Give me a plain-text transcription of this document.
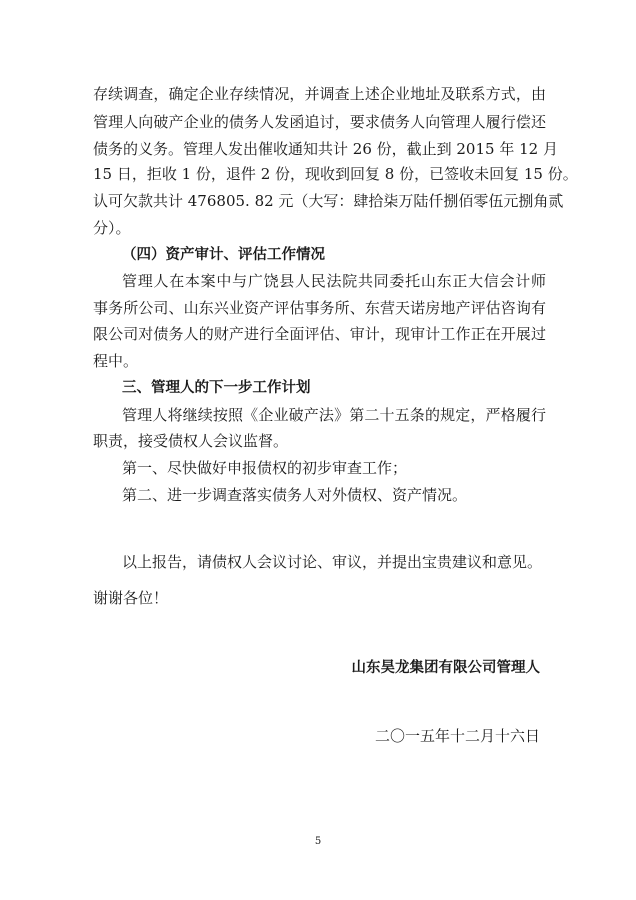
存续调查，确定企业存续情况，并调查上述企业地址及联系方式，由
管理人向破产企业的债务人发函追讨，要求债务人向管理人履行偿还
债务的义务。管理人发出催收通知共计 26 份，截止到 2015 年 12 月
15 日，拒收 1 份，退件 2 份，现收到回复 8 份，已签收未回复 15 份。
认可欠款共计 476805. 82 元（大写：肆拾柒万陆仟捌佰零伍元捌角贰
分）。
（四）资产审计、评估工作情况
管理人在本案中与广饶县人民法院共同委托山东正大信会计师
事务所公司、山东兴业资产评估事务所、东营天诺房地产评估咨询有
限公司对债务人的财产进行全面评估、审计，现审计工作正在开展过
程中。
三、管理人的下一步工作计划
管理人将继续按照《企业破产法》第二十五条的规定，严格履行
职责，接受债权人会议监督。
第一、尽快做好申报债权的初步审查工作；
第二、进一步调查落实债务人对外债权、资产情况。
以上报告，请债权人会议讨论、审议，并提出宝贵建议和意见。
谢谢各位！
山东昊龙集团有限公司管理人
二〇一五年十二月十六日
5
